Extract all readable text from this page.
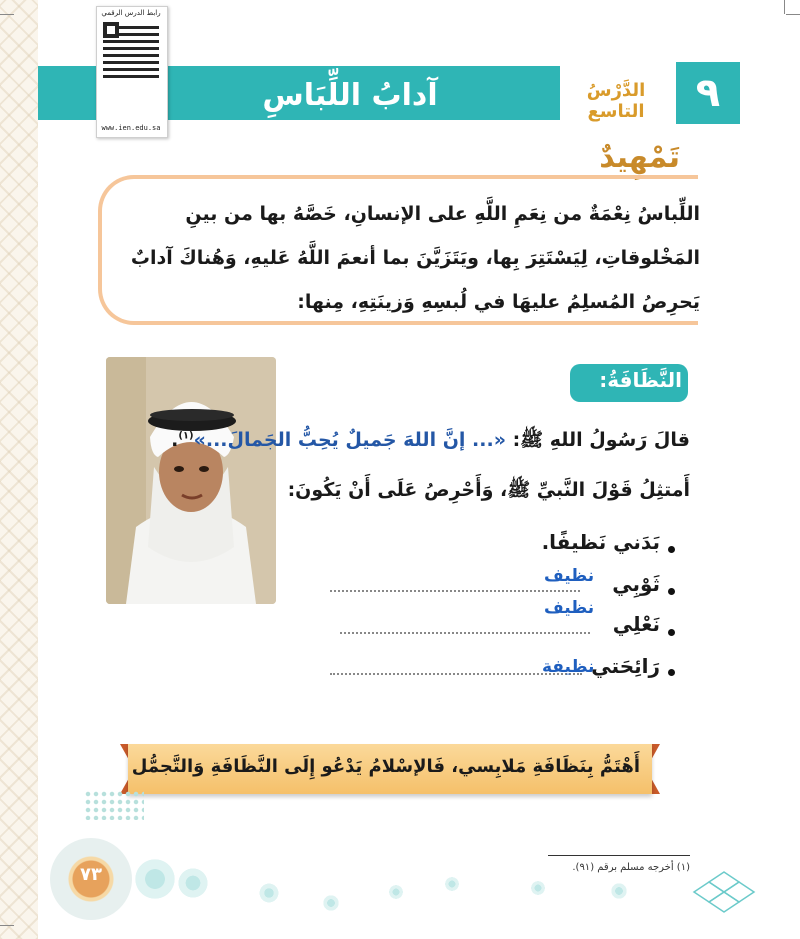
آدابُ اللِّبَاسِ	الدَّرْسُ التاسع	٩
رابط الدرس الرقمي
www.ien.edu.sa
تَمْهِيدٌ
اللِّباسُ نِعْمَةٌ من نِعَمِ اللَّهِ على الإنسانِ، خَصَّهُ بها من بينِ المَخْلوقاتِ، لِيَسْتَتِرَ بِها، ويَتَزَيَّنَ بما أنعمَ اللَّهُ عَليهِ، وَهُناكَ آدابٌ يَحرِصُ المُسلِمُ عليهَا في لُبسِهِ وَزينَتِهِ، مِنها:
النَّظَافَةُ:
قالَ رَسُولُ اللهِ ﷺ: «... إنَّ اللهَ جَميلٌ يُحِبُّ الجَمالَ...»$^{(١)}$.
أَمتثِلُ قَوْلَ النَّبيِّ ﷺ، وَأَحْرِصُ عَلَى أَنْ يَكُونَ:
بَدَني نَظيفًا.
ثَوْبِي
نظيف
نَعْلِي
نظيف
رَائِحَتي
نظيفة
أَهْتَمُّ بِنَظَافَةِ مَلابِسي، فَالإسْلامُ يَدْعُو إِلَى النَّظَافَةِ وَالتَّجمُّل
٧٣	(١) أخرجه مسلم برقم (٩١).
